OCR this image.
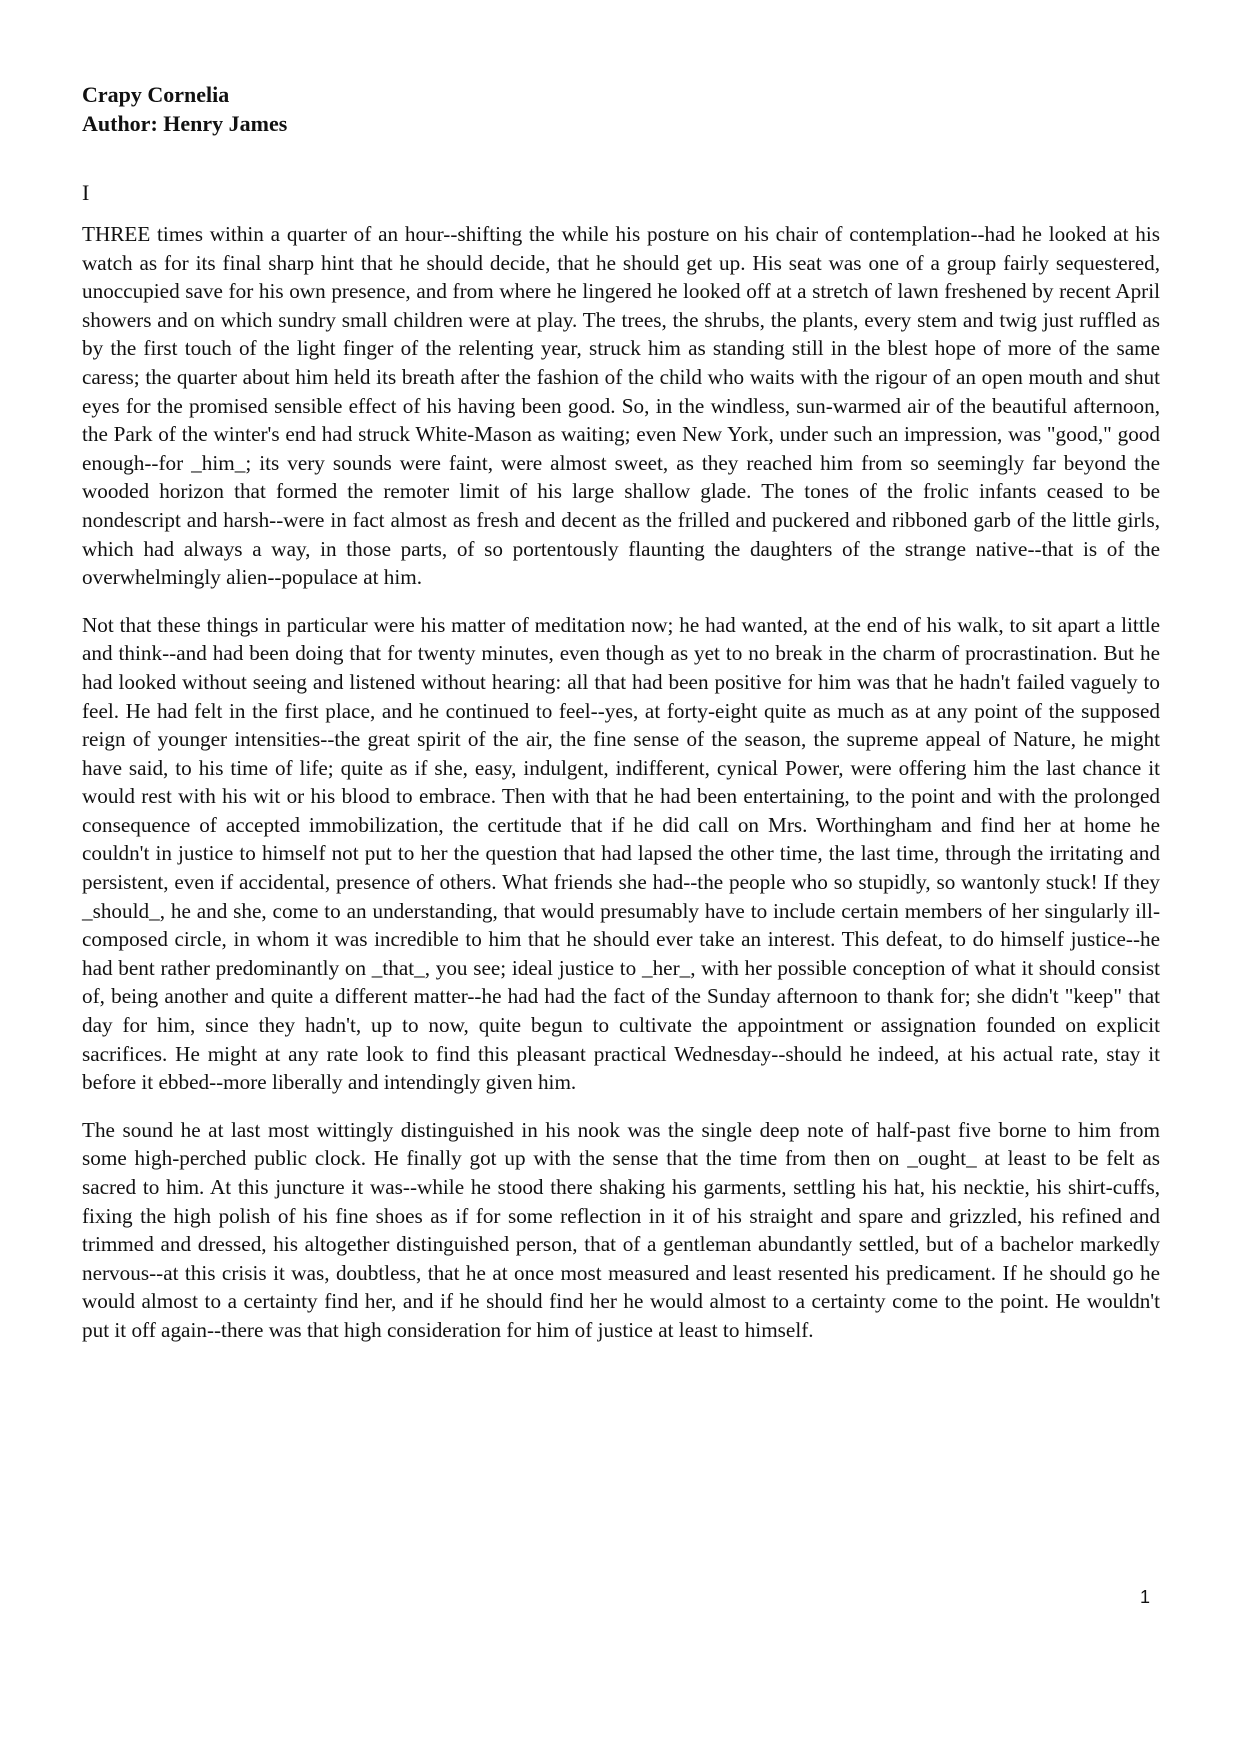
Crapy Cornelia

Author: Henry James

I

THREE times within a quarter of an hour--shifting the while his posture on his chair of contemplation--had he looked at his watch as for its final sharp hint that he should decide, that he should get up. His seat was one of a group fairly sequestered, unoccupied save for his own presence, and from where he lingered he looked off at a stretch of lawn freshened by recent April showers and on which sundry small children were at play. The trees, the shrubs, the plants, every stem and twig just ruffled as by the first touch of the light finger of the relenting year, struck him as standing still in the blest hope of more of the same caress; the quarter about him held its breath after the fashion of the child who waits with the rigour of an open mouth and shut eyes for the promised sensible effect of his having been good. So, in the windless, sun-warmed air of the beautiful afternoon, the Park of the winter's end had struck White-Mason as waiting; even New York, under such an impression, was "good," good enough--for _him_; its very sounds were faint, were almost sweet, as they reached him from so seemingly far beyond the wooded horizon that formed the remoter limit of his large shallow glade. The tones of the frolic infants ceased to be nondescript and harsh--were in fact almost as fresh and decent as the frilled and puckered and ribboned garb of the little girls, which had always a way, in those parts, of so portentously flaunting the daughters of the strange native--that is of the overwhelmingly alien--populace at him.

Not that these things in particular were his matter of meditation now; he had wanted, at the end of his walk, to sit apart a little and think--and had been doing that for twenty minutes, even though as yet to no break in the charm of procrastination. But he had looked without seeing and listened without hearing: all that had been positive for him was that he hadn't failed vaguely to feel. He had felt in the first place, and he continued to feel--yes, at forty-eight quite as much as at any point of the supposed reign of younger intensities--the great spirit of the air, the fine sense of the season, the supreme appeal of Nature, he might have said, to his time of life; quite as if she, easy, indulgent, indifferent, cynical Power, were offering him the last chance it would rest with his wit or his blood to embrace. Then with that he had been entertaining, to the point and with the prolonged consequence of accepted immobilization, the certitude that if he did call on Mrs. Worthingham and find her at home he couldn't in justice to himself not put to her the question that had lapsed the other time, the last time, through the irritating and persistent, even if accidental, presence of others. What friends she had--the people who so stupidly, so wantonly stuck! If they _should_, he and she, come to an understanding, that would presumably have to include certain members of her singularly ill-composed circle, in whom it was incredible to him that he should ever take an interest. This defeat, to do himself justice--he had bent rather predominantly on _that_, you see; ideal justice to _her_, with her possible conception of what it should consist of, being another and quite a different matter--he had had the fact of the Sunday afternoon to thank for; she didn't "keep" that day for him, since they hadn't, up to now, quite begun to cultivate the appointment or assignation founded on explicit sacrifices. He might at any rate look to find this pleasant practical Wednesday--should he indeed, at his actual rate, stay it before it ebbed--more liberally and intendingly given him.

The sound he at last most wittingly distinguished in his nook was the single deep note of half-past five borne to him from some high-perched public clock. He finally got up with the sense that the time from then on _ought_ at least to be felt as sacred to him. At this juncture it was--while he stood there shaking his garments, settling his hat, his necktie, his shirt-cuffs, fixing the high polish of his fine shoes as if for some reflection in it of his straight and spare and grizzled, his refined and trimmed and dressed, his altogether distinguished person, that of a gentleman abundantly settled, but of a bachelor markedly nervous--at this crisis it was, doubtless, that he at once most measured and least resented his predicament. If he should go he would almost to a certainty find her, and if he should find her he would almost to a certainty come to the point. He wouldn't put it off again--there was that high consideration for him of justice at least to himself.

1
